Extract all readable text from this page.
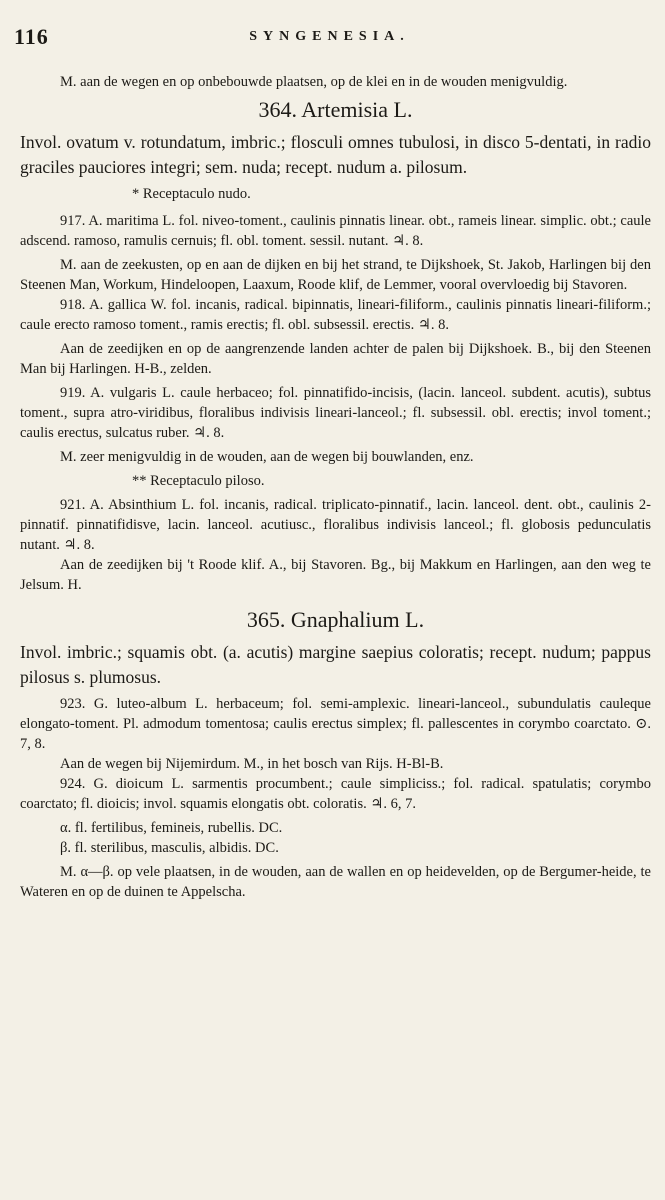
116	SYNGENESIA.

M. aan de wegen en op onbebouwde plaatsen, op de klei en in de wouden menigvuldig.

364. Artemisia L.

Invol. ovatum v. rotundatum, imbric.; flosculi omnes tubulosi, in disco 5-dentati, in radio graciles pauciores integri; sem. nuda; recept. nudum a. pilosum.

* Receptaculo nudo.

917. A. maritima L. fol. niveo-toment., caulinis pinnatis linear. obt., rameis linear. simplic. obt.; caule adscend. ramoso, ramulis cernuis; fl. obl. toment. sessil. nutant. ♃. 8.

M. aan de zeekusten, op en aan de dijken en bij het strand, te Dijkshoek, St. Jakob, Harlingen bij den Steenen Man, Workum, Hindeloopen, Laaxum, Roode klif, de Lemmer, vooral overvloedig bij Stavoren.

918. A. gallica W. fol. incanis, radical. bipinnatis, lineari-filiform., caulinis pinnatis lineari-filiform.; caule erecto ramoso toment., ramis erectis; fl. obl. subsessil. erectis. ♃. 8.

Aan de zeedijken en op de aangrenzende landen achter de palen bij Dijkshoek. B., bij den Steenen Man bij Harlingen. H-B., zelden.

919. A. vulgaris L. caule herbaceo; fol. pinnatifido-incisis, (lacin. lanceol. subdent. acutis), subtus toment., supra atro-viridibus, floralibus indivisis lineari-lanceol.; fl. subsessil. obl. erectis; invol toment.; caulis erectus, sulcatus ruber. ♃. 8.

M. zeer menigvuldig in de wouden, aan de wegen bij bouwlanden, enz.

** Receptaculo piloso.

921. A. Absinthium L. fol. incanis, radical. triplicato-pinnatif., lacin. lanceol. dent. obt., caulinis 2-pinnatif. pinnatifidisve, lacin. lanceol. acutiusc., floralibus indivisis lanceol.; fl. globosis pedunculatis nutant. ♃. 8.

Aan de zeedijken bij 't Roode klif. A., bij Stavoren. Bg., bij Makkum en Harlingen, aan den weg te Jelsum. H.

365. Gnaphalium L.

Invol. imbric.; squamis obt. (a. acutis) margine saepius coloratis; recept. nudum; pappus pilosus s. plumosus.

923. G. luteo-album L. herbaceum; fol. semi-amplexic. lineari-lanceol., subundulatis cauleque elongato-toment. Pl. admodum tomentosa; caulis erectus simplex; fl. pallescentes in corymbo coarctato. ⊙. 7, 8.

Aan de wegen bij Nijemirdum. M., in het bosch van Rijs. H-Bl-B.

924. G. dioicum L. sarmentis procumbent.; caule simpliciss.; fol. radical. spatulatis; corymbo coarctato; fl. dioicis; invol. squamis elongatis obt. coloratis. ♃. 6, 7.

α. fl. fertilibus, femineis, rubellis. DC.

β. fl. sterilibus, masculis, albidis. DC.

M. α—β. op vele plaatsen, in de wouden, aan de wallen en op heidevelden, op de Bergumer-heide, te Wateren en op de duinen te Appelscha.
